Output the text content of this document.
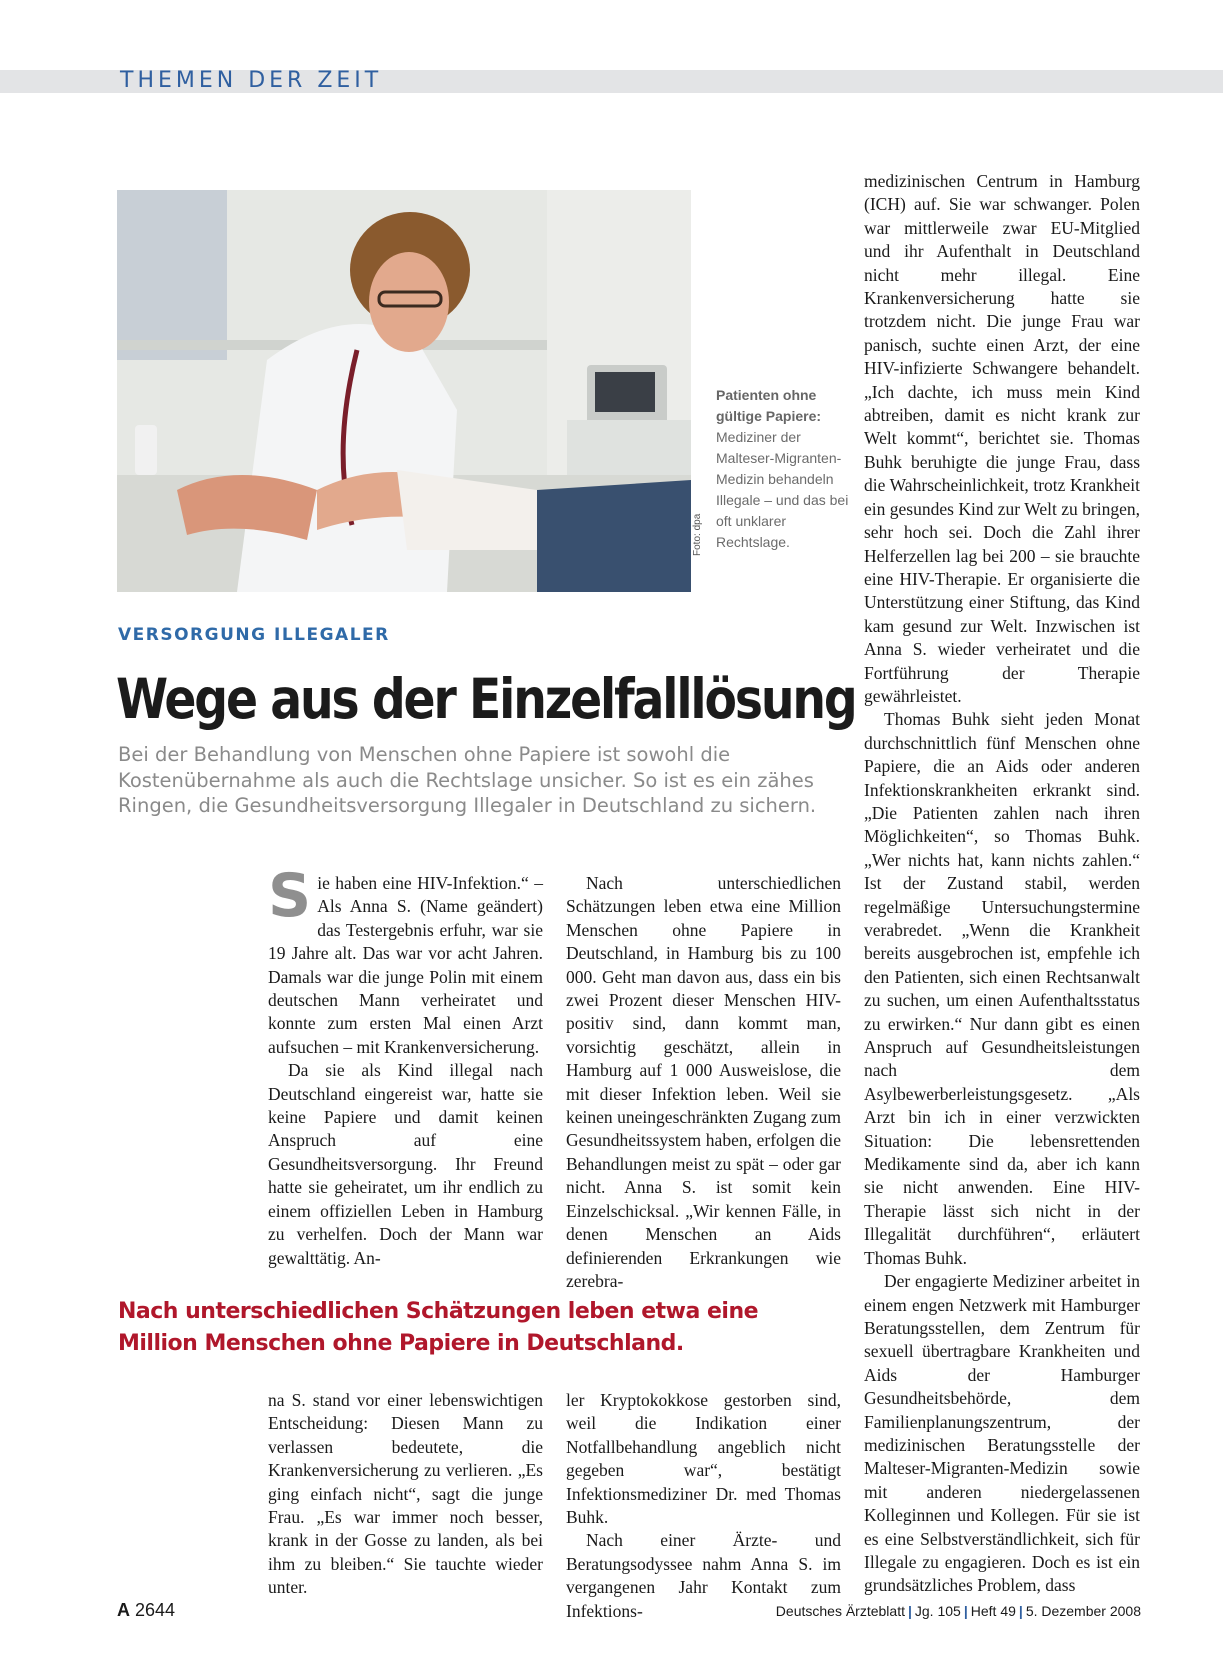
THEMEN DER ZEIT
Foto: dpa
Patienten ohne gültige Papiere:
Mediziner der Malteser-Migranten-Medizin behandeln Illegale – und das bei oft unklarer Rechtslage.
VERSORGUNG ILLEGALER
Wege aus der Einzelfalllösung
Bei der Behandlung von Menschen ohne Papiere ist sowohl die Kostenübernahme als auch die Rechtslage unsicher. So ist es ein zähes Ringen, die Gesundheitsversorgung Illegaler in Deutschland zu sichern.

Sie haben eine HIV-Infektion.“ – Als Anna S. (Name geändert) das Testergebnis erfuhr, war sie 19 Jahre alt. Das war vor acht Jahren. Damals war die junge Polin mit einem deutschen Mann verheiratet und konnte zum ersten Mal einen Arzt aufsuchen – mit Krankenversicherung.

Da sie als Kind illegal nach Deutschland eingereist war, hatte sie keine Papiere und damit keinen Anspruch auf eine Gesundheitsversorgung. Ihr Freund hatte sie geheiratet, um ihr endlich zu einem offiziellen Leben in Hamburg zu verhelfen. Doch der Mann war gewalttätig. An-

Nach unterschiedlichen Schätzungen leben etwa eine Million Menschen ohne Papiere in Deutschland, in Hamburg bis zu 100 000. Geht man davon aus, dass ein bis zwei Prozent dieser Menschen HIV-positiv sind, dann kommt man, vorsichtig geschätzt, allein in Hamburg auf 1 000 Ausweislose, die mit dieser Infektion leben. Weil sie keinen uneingeschränkten Zugang zum Gesundheitssystem haben, erfolgen die Behandlungen meist zu spät – oder gar nicht. Anna S. ist somit kein Einzelschicksal. „Wir kennen Fälle, in denen Menschen an Aids definierenden Erkrankungen wie zerebra-

Nach unterschiedlichen Schätzungen leben etwa eine Million Menschen ohne Papiere in Deutschland.

na S. stand vor einer lebenswichtigen Entscheidung: Diesen Mann zu verlassen bedeutete, die Krankenversicherung zu verlieren. „Es ging einfach nicht“, sagt die junge Frau. „Es war immer noch besser, krank in der Gosse zu landen, als bei ihm zu bleiben.“ Sie tauchte wieder unter.

ler Kryptokokkose gestorben sind, weil die Indikation einer Notfallbehandlung angeblich nicht gegeben war“, bestätigt Infektionsmediziner Dr. med Thomas Buhk.

Nach einer Ärzte- und Beratungsodyssee nahm Anna S. im vergangenen Jahr Kontakt zum Infektions-

medizinischen Centrum in Hamburg (ICH) auf. Sie war schwanger. Polen war mittlerweile zwar EU-Mitglied und ihr Aufenthalt in Deutschland nicht mehr illegal. Eine Krankenversicherung hatte sie trotzdem nicht. Die junge Frau war panisch, suchte einen Arzt, der eine HIV-infizierte Schwangere behandelt. „Ich dachte, ich muss mein Kind abtreiben, damit es nicht krank zur Welt kommt“, berichtet sie. Thomas Buhk beruhigte die junge Frau, dass die Wahrscheinlichkeit, trotz Krankheit ein gesundes Kind zur Welt zu bringen, sehr hoch sei. Doch die Zahl ihrer Helferzellen lag bei 200 – sie brauchte eine HIV-Therapie. Er organisierte die Unterstützung einer Stiftung, das Kind kam gesund zur Welt. Inzwischen ist Anna S. wieder verheiratet und die Fortführung der Therapie gewährleistet.

Thomas Buhk sieht jeden Monat durchschnittlich fünf Menschen ohne Papiere, die an Aids oder anderen Infektionskrankheiten erkrankt sind. „Die Patienten zahlen nach ihren Möglichkeiten“, so Thomas Buhk. „Wer nichts hat, kann nichts zahlen.“ Ist der Zustand stabil, werden regelmäßige Untersuchungstermine verabredet. „Wenn die Krankheit bereits ausgebrochen ist, empfehle ich den Patienten, sich einen Rechtsanwalt zu suchen, um einen Aufenthaltsstatus zu erwirken.“ Nur dann gibt es einen Anspruch auf Gesundheitsleistungen nach dem Asylbewerberleistungsgesetz. „Als Arzt bin ich in einer verzwickten Situation: Die lebensrettenden Medikamente sind da, aber ich kann sie nicht anwenden. Eine HIV-Therapie lässt sich nicht in der Illegalität durchführen“, erläutert Thomas Buhk.

Der engagierte Mediziner arbeitet in einem engen Netzwerk mit Hamburger Beratungsstellen, dem Zentrum für sexuell übertragbare Krankheiten und Aids der Hamburger Gesundheitsbehörde, dem Familienplanungszentrum, der medizinischen Beratungsstelle der Malteser-Migranten-Medizin sowie mit anderen niedergelassenen Kolleginnen und Kollegen. Für sie ist es eine Selbstverständlichkeit, sich für Illegale zu engagieren. Doch es ist ein grundsätzliches Problem, dass

A 2644	Deutsches Ärzteblatt | Jg. 105 | Heft 49 | 5. Dezember 2008
